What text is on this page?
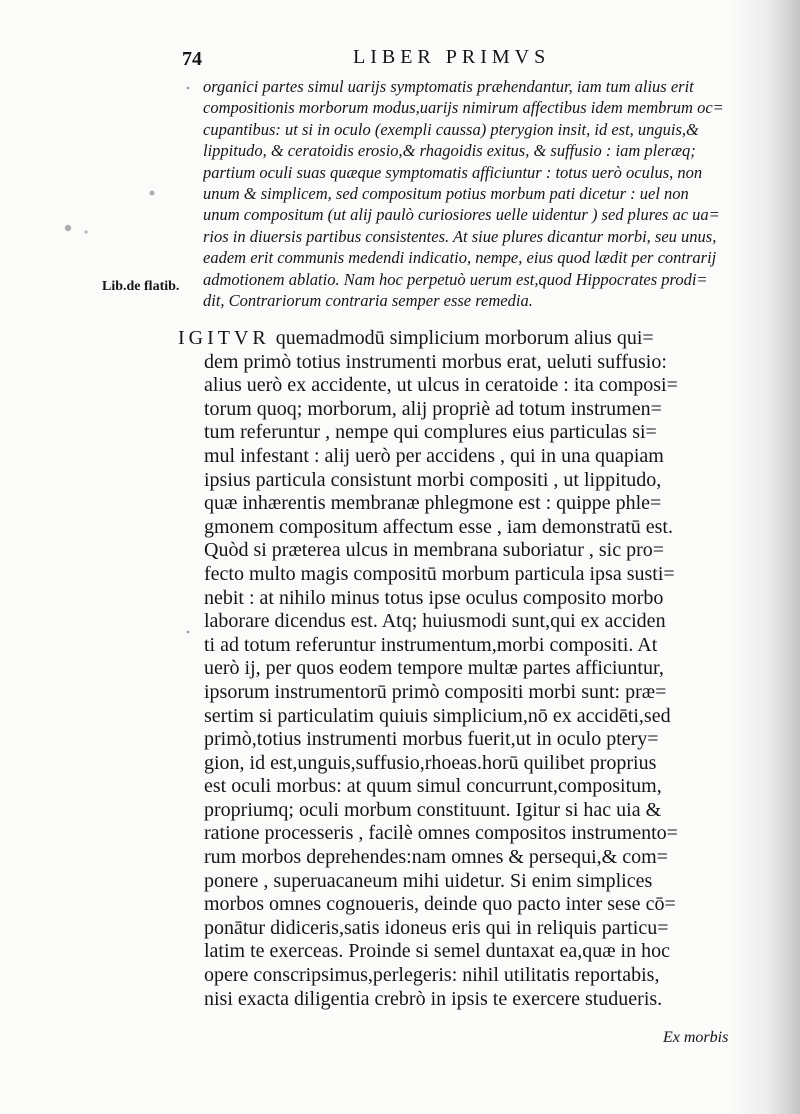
74	LIBER PRIMVS
Lib.de flatib.
organici partes simul uarijs symptomatis præhendantur, iam tum alius erit
compositionis morborum modus,uarijs nimirum affectibus idem membrum oc=
cupantibus: ut si in oculo (exempli caussa) pterygion insit, id est, unguis,&
lippitudo, & ceratoidis erosio,& rhagoidis exitus, & suffusio : iam pleræq;
partium oculi suas quæque symptomatis afficiuntur : totus uerò oculus, non
unum & simplicem, sed compositum potius morbum pati dicetur : uel non
unum compositum (ut alij paulò curiosiores uelle uidentur ) sed plures ac ua=
rios in diuersis partibus consistentes. At siue plures dicantur morbi, seu unus,
eadem erit communis medendi indicatio, nempe, eius quod lædit per contrarij
admotionem ablatio. Nam hoc perpetuò uerum est,quod Hippocrates prodi=
dit, Contrariorum contraria semper esse remedia.
IGITVR quemadmodū simplicium morborum alius qui=
dem primò totius instrumenti morbus erat, ueluti suffusio:
alius uerò ex accidente, ut ulcus in ceratoide : ita composi=
torum quoq; morborum, alij propriè ad totum instrumen=
tum referuntur , nempe qui complures eius particulas si=
mul infestant : alij uerò per accidens , qui in una quapiam
ipsius particula consistunt morbi compositi , ut lippitudo,
quæ inhærentis membranæ phlegmone est : quippe phle=
gmonem compositum affectum esse , iam demonstratū est.
Quòd si præterea ulcus in membrana suboriatur , sic pro=
fecto multo magis compositū morbum particula ipsa susti=
nebit : at nihilo minus totus ipse oculus composito morbo
laborare dicendus est. Atq; huiusmodi sunt,qui ex acciden
ti ad totum referuntur instrumentum,morbi compositi. At
uerò ij, per quos eodem tempore multæ partes afficiuntur,
ipsorum instrumentorū primò compositi morbi sunt: præ=
sertim si particulatim quiuis simplicium,nō ex accidēti,sed
primò,totius instrumenti morbus fuerit,ut in oculo ptery=
gion, id est,unguis,suffusio,rhoeas.horū quilibet proprius
est oculi morbus: at quum simul concurrunt,compositum,
propriumq; oculi morbum constituunt. Igitur si hac uia &
ratione processeris , facilè omnes compositos instrumento=
rum morbos deprehendes:nam omnes & persequi,& com=
ponere , superuacaneum mihi uidetur. Si enim simplices
morbos omnes cognoueris, deinde quo pacto inter sese cō=
ponātur didiceris,satis idoneus eris qui in reliquis particu=
latim te exerceas. Proinde si semel duntaxat ea,quæ in hoc
opere conscripsimus,perlegeris: nihil utilitatis reportabis,
nisi exacta diligentia crebrò in ipsis te exercere studueris.
Ex morbis
